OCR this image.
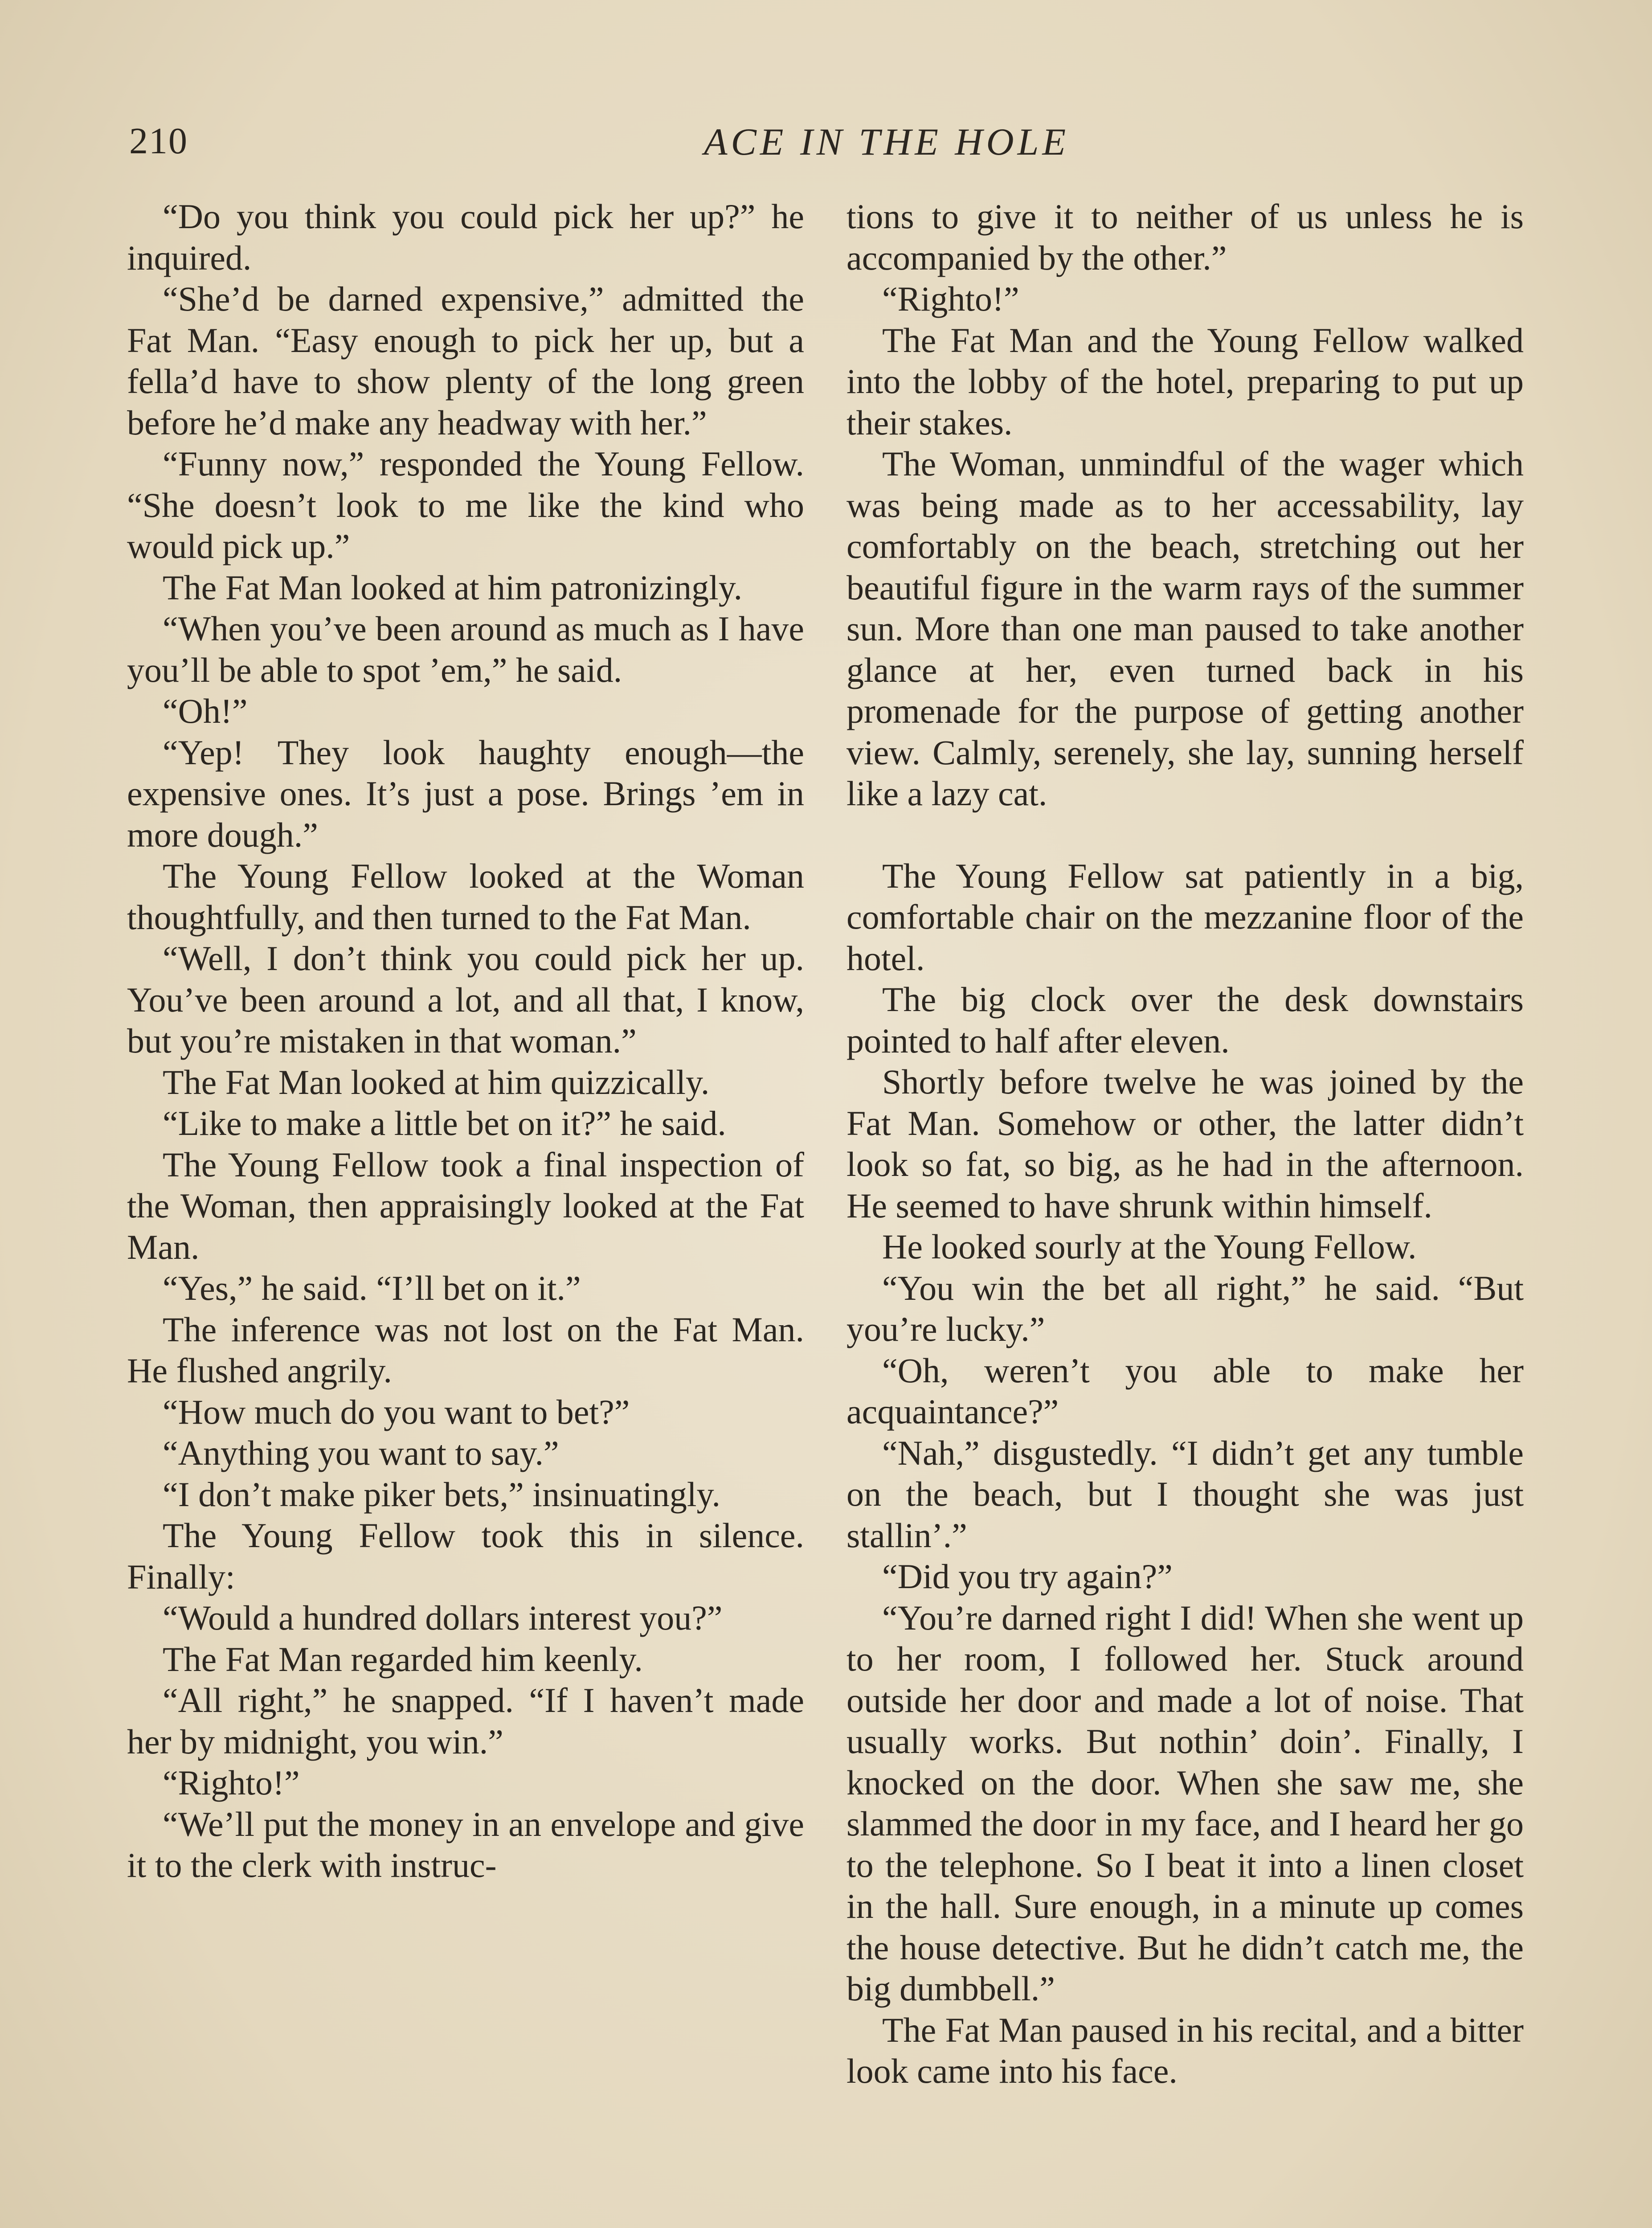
210	ACE IN THE HOLE

“Do you think you could pick her up?” he inquired.

“She’d be darned expensive,” admitted the Fat Man. “Easy enough to pick her up, but a fella’d have to show plenty of the long green before he’d make any headway with her.”

“Funny now,” responded the Young Fellow. “She doesn’t look to me like the kind who would pick up.”

The Fat Man looked at him patronizingly.

“When you’ve been around as much as I have you’ll be able to spot ’em,” he said.

“Oh!”

“Yep! They look haughty enough—the expensive ones. It’s just a pose. Brings ’em in more dough.”

The Young Fellow looked at the Woman thoughtfully, and then turned to the Fat Man.

“Well, I don’t think you could pick her up. You’ve been around a lot, and all that, I know, but you’re mistaken in that woman.”

The Fat Man looked at him quizzically.

“Like to make a little bet on it?” he said.

The Young Fellow took a final inspection of the Woman, then appraisingly looked at the Fat Man.

“Yes,” he said. “I’ll bet on it.”

The inference was not lost on the Fat Man. He flushed angrily.

“How much do you want to bet?”

“Anything you want to say.”

“I don’t make piker bets,” insinuatingly.

The Young Fellow took this in silence. Finally:

“Would a hundred dollars interest you?”

The Fat Man regarded him keenly.

“All right,” he snapped. “If I haven’t made her by midnight, you win.”

“Righto!”

“We’ll put the money in an envelope and give it to the clerk with instruc-

tions to give it to neither of us unless he is accompanied by the other.”

“Righto!”

The Fat Man and the Young Fellow walked into the lobby of the hotel, preparing to put up their stakes.

The Woman, unmindful of the wager which was being made as to her accessability, lay comfortably on the beach, stretching out her beautiful figure in the warm rays of the summer sun. More than one man paused to take another glance at her, even turned back in his promenade for the purpose of getting another view. Calmly, serenely, she lay, sunning herself like a lazy cat.

The Young Fellow sat patiently in a big, comfortable chair on the mezzanine floor of the hotel.

The big clock over the desk downstairs pointed to half after eleven.

Shortly before twelve he was joined by the Fat Man. Somehow or other, the latter didn’t look so fat, so big, as he had in the afternoon. He seemed to have shrunk within himself.

He looked sourly at the Young Fellow.

“You win the bet all right,” he said. “But you’re lucky.”

“Oh, weren’t you able to make her acquaintance?”

“Nah,” disgustedly. “I didn’t get any tumble on the beach, but I thought she was just stallin’.”

“Did you try again?”

“You’re darned right I did! When she went up to her room, I followed her. Stuck around outside her door and made a lot of noise. That usually works. But nothin’ doin’. Finally, I knocked on the door. When she saw me, she slammed the door in my face, and I heard her go to the telephone. So I beat it into a linen closet in the hall. Sure enough, in a minute up comes the house detective. But he didn’t catch me, the big dumbbell.”

The Fat Man paused in his recital, and a bitter look came into his face.
